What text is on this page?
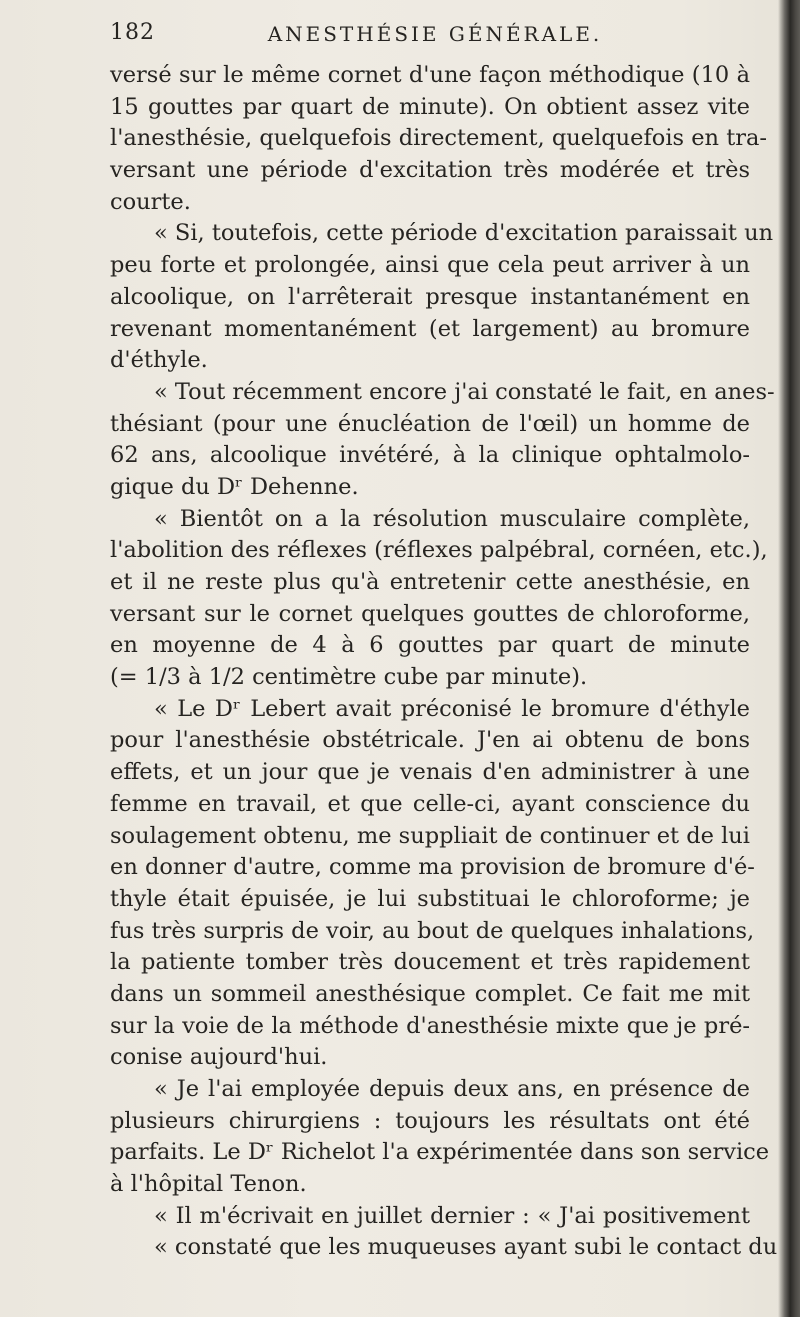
182	ANESTHÉSIE GÉNÉRALE.
versé sur le même cornet d'une façon méthodique (10 à
15 gouttes par quart de minute). On obtient assez vite
l'anesthésie, quelquefois directement, quelquefois en tra-
versant une période d'excitation très modérée et très
courte.
« Si, toutefois, cette période d'excitation paraissait un
peu forte et prolongée, ainsi que cela peut arriver à un
alcoolique, on l'arrêterait presque instantanément en
revenant momentanément (et largement) au bromure
d'éthyle.
« Tout récemment encore j'ai constaté le fait, en anes-
thésiant (pour une énucléation de l'œil) un homme de
62 ans, alcoolique invétéré, à la clinique ophtalmolo-
gique du Dʳ Dehenne.
« Bientôt on a la résolution musculaire complète,
l'abolition des réflexes (réflexes palpébral, cornéen, etc.),
et il ne reste plus qu'à entretenir cette anesthésie, en
versant sur le cornet quelques gouttes de chloroforme,
en moyenne de 4 à 6 gouttes par quart de minute
(= 1/3 à 1/2 centimètre cube par minute).
« Le Dʳ Lebert avait préconisé le bromure d'éthyle
pour l'anesthésie obstétricale. J'en ai obtenu de bons
effets, et un jour que je venais d'en administrer à une
femme en travail, et que celle-ci, ayant conscience du
soulagement obtenu, me suppliait de continuer et de lui
en donner d'autre, comme ma provision de bromure d'é-
thyle était épuisée, je lui substituai le chloroforme; je
fus très surpris de voir, au bout de quelques inhalations,
la patiente tomber très doucement et très rapidement
dans un sommeil anesthésique complet. Ce fait me mit
sur la voie de la méthode d'anesthésie mixte que je pré-
conise aujourd'hui.
« Je l'ai employée depuis deux ans, en présence de
plusieurs chirurgiens : toujours les résultats ont été
parfaits. Le Dʳ Richelot l'a expérimentée dans son service
à l'hôpital Tenon.
« Il m'écrivait en juillet dernier : « J'ai positivement
« constaté que les muqueuses ayant subi le contact du
